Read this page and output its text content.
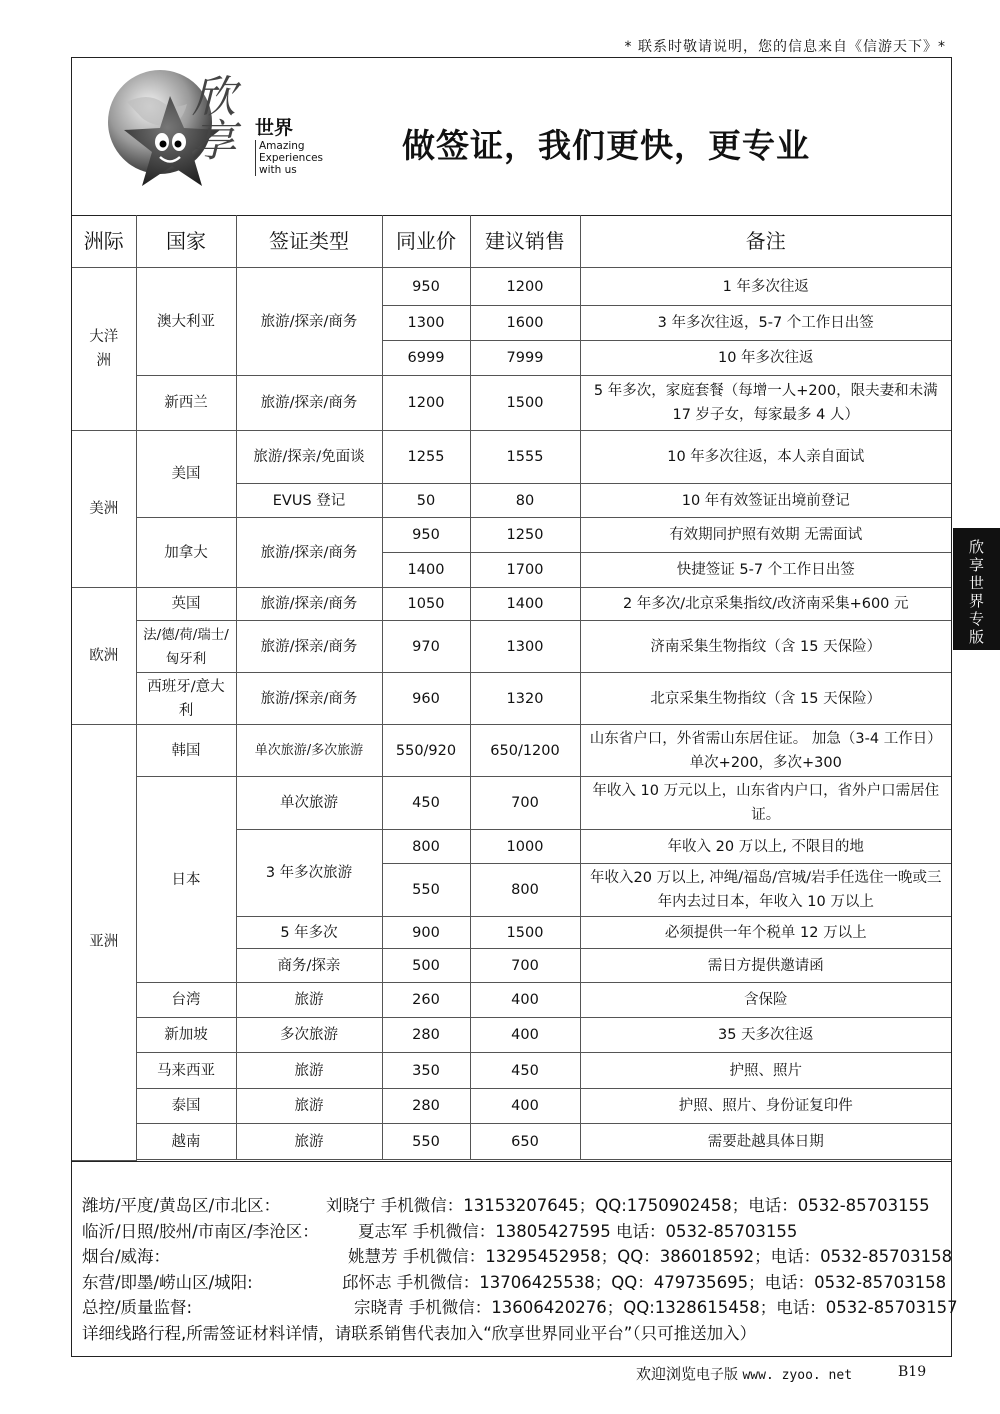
* 联系时敬请说明，您的信息来自《信游天下》*
欣享	世界
Amazing
Experiences
with us
做签证，我们更快，更专业
洲际	国家	签证类型	同业价	建议销售	备注
大洋
洲	澳大利亚	旅游/探亲/商务	950	1200	1 年多次往返
			1300	1600	3 年多次往返，5-7 个工作日出签
			6999	7999	10 年多次往返
	新西兰	旅游/探亲/商务	1200	1500	5 年多次，家庭套餐（每增一人+200，限夫妻和未满 17 岁子女，每家最多 4 人）
美洲	美国	旅游/探亲/免面谈	1255	1555	10 年多次往返，本人亲自面试
		EVUS 登记	50	80	10 年有效签证出境前登记
	加拿大	旅游/探亲/商务	950	1250	有效期同护照有效期 无需面试
			1400	1700	快捷签证 5-7 个工作日出签
欧洲	英国	旅游/探亲/商务	1050	1400	2 年多次/北京采集指纹/改济南采集+600 元
	法/德/荷/瑞士/匈牙利	旅游/探亲/商务	970	1300	济南采集生物指纹（含 15 天保险）
	西班牙/意大利	旅游/探亲/商务	960	1320	北京采集生物指纹（含 15 天保险）
亚洲	韩国	单次旅游/多次旅游	550/920	650/1200	山东省户口，外省需山东居住证。 加急（3-4 工作日）单次+200，多次+300
	日本	单次旅游	450	700	年收入 10 万元以上，山东省内户口，省外户口需居住证。
		3 年多次旅游	800	1000	年收入 20 万以上, 不限目的地
			550	800	年收入20 万以上, 冲绳/福岛/宫城/岩手任选住一晚或三年内去过日本，年收入 10 万以上
		5 年多次	900	1500	必须提供一年个税单 12 万以上
		商务/探亲	500	700	需日方提供邀请函
	台湾	旅游	260	400	含保险
	新加坡	多次旅游	280	400	35 天多次往返
	马来西亚	旅游	350	450	护照、照片
	泰国	旅游	280	400	护照、照片、身份证复印件
	越南	旅游	550	650	需要赴越具体日期

潍坊/平度/黄岛区/市北区：	刘晓宁 手机微信：13153207645；QQ:1750902458；电话：0532-85703155
临沂/日照/胶州/市南区/李沧区： 夏志军 手机微信：13805427595 电话：0532-85703155
烟台/威海：	姚慧芳 手机微信：13295452958；QQ：386018592；电话：0532-85703158
东营/即墨/崂山区/城阳:	邱怀志 手机微信：13706425538；QQ：479735695；电话：0532-85703158
总控/质量监督:	宗晓青 手机微信：13606420276；QQ:1328615458；电话：0532-85703157
详细线路行程,所需签证材料详情，请联系销售代表加入“欣享世界同业平台”（只可推送加入）
欣
享
世
界
专
版
欢迎浏览电子版 www. zyoo. net	B19
